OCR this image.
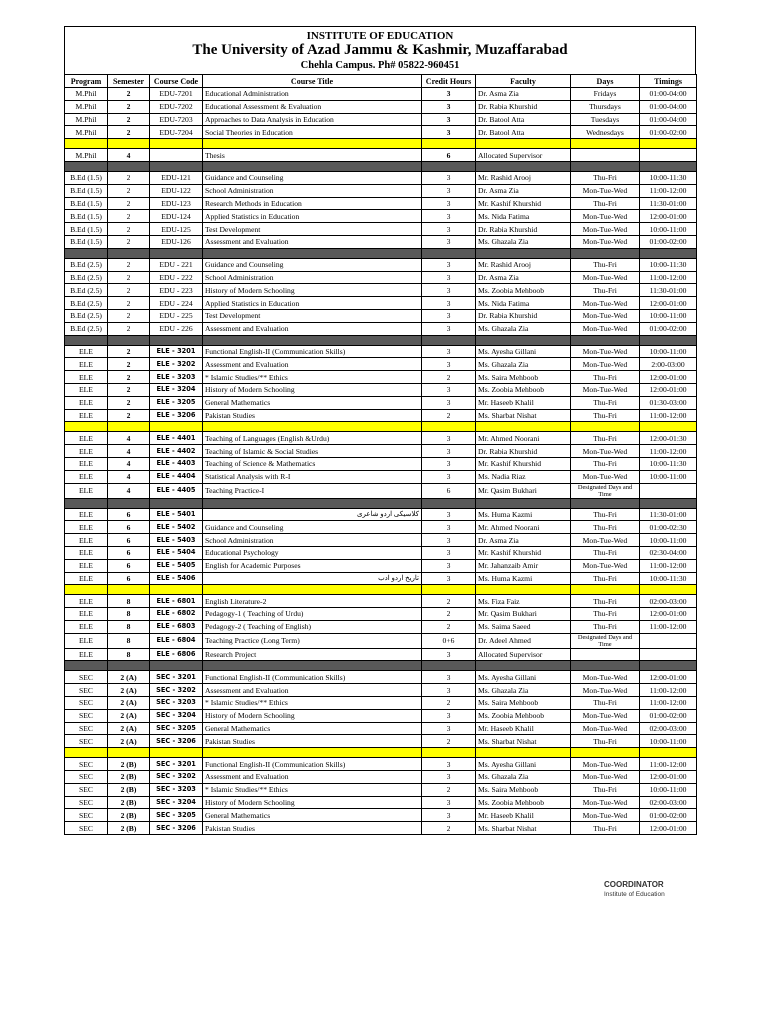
INSTITUTE OF EDUCATION
The University of Azad Jammu & Kashmir, Muzaffarabad
Chehla Campus. Ph# 05822-960451
Program	Semester	Course Code	Course Title	Credit Hours	Faculty	Days	Timings
M.Phil	2	EDU-7201	Educational Administration	3	Dr. Asma Zia	Fridays	01:00-04:00
M.Phil	2	EDU-7202	Educational Assessment & Evaluation	3	Dr. Rabia Khurshid	Thursdays	01:00-04:00
M.Phil	2	EDU-7203	Approaches to Data Analysis in Education	3	Dr. Batool Atta	Tuesdays	01:00-04:00
M.Phil	2	EDU-7204	Social Theories in Education	3	Dr. Batool Atta	Wednesdays	01:00-02:00

M.Phil	4		Thesis	6	Allocated Supervisor		

B.Ed (1.5)	2	EDU-121	Guidance and Counseling	3	Mr. Rashid Arooj	Thu-Fri	10:00-11:30
B.Ed (1.5)	2	EDU-122	School Administration	3	Dr. Asma Zia	Mon-Tue-Wed	11:00-12:00
B.Ed (1.5)	2	EDU-123	Research Methods in Education	3	Mr. Kashif Khurshid	Thu-Fri	11:30-01:00
B.Ed (1.5)	2	EDU-124	Applied Statistics in Education	3	Ms. Nida Fatima	Mon-Tue-Wed	12:00-01:00
B.Ed (1.5)	2	EDU-125	Test Development	3	Dr. Rabia Khurshid	Mon-Tue-Wed	10:00-11:00
B.Ed (1.5)	2	EDU-126	Assessment and Evaluation	3	Ms. Ghazala Zia	Mon-Tue-Wed	01:00-02:00

B.Ed (2.5)	2	EDU - 221	Guidance and Counseling	3	Mr. Rashid Arooj	Thu-Fri	10:00-11:30
B.Ed (2.5)	2	EDU - 222	School Administration	3	Dr. Asma Zia	Mon-Tue-Wed	11:00-12:00
B.Ed (2.5)	2	EDU - 223	History of Modern Schooling	3	Ms. Zoobia Mehboob	Thu-Fri	11:30-01:00
B.Ed (2.5)	2	EDU - 224	Applied Statistics in Education	3	Ms. Nida Fatima	Mon-Tue-Wed	12:00-01:00
B.Ed (2.5)	2	EDU - 225	Test Development	3	Dr. Rabia Khurshid	Mon-Tue-Wed	10:00-11:00
B.Ed (2.5)	2	EDU - 226	Assessment and Evaluation	3	Ms. Ghazala Zia	Mon-Tue-Wed	01:00-02:00

ELE	2	ELE - 3201	Functional English-II (Communication Skills)	3	Ms. Ayesha Gillani	Mon-Tue-Wed	10:00-11:00
ELE	2	ELE - 3202	Assessment and Evaluation	3	Ms. Ghazala Zia	Mon-Tue-Wed	2:00-03:00
ELE	2	ELE - 3203	* Islamic Studies/** Ethics	2	Ms. Saira Mehboob	Thu-Fri	12:00-01:00
ELE	2	ELE - 3204	History of Modern Schooling	3	Ms. Zoobia Mehboob	Mon-Tue-Wed	12:00-01:00
ELE	2	ELE - 3205	General Mathematics	3	Mr. Haseeb Khalil	Thu-Fri	01:30-03:00
ELE	2	ELE - 3206	Pakistan Studies	2	Ms. Sharbat Nishat	Thu-Fri	11:00-12:00

ELE	4	ELE - 4401	Teaching of Languages (English &Urdu)	3	Mr. Ahmed Noorani	Thu-Fri	12:00-01:30
ELE	4	ELE - 4402	Teaching of Islamic & Social Studies	3	Dr. Rabia Khurshid	Mon-Tue-Wed	11:00-12:00
ELE	4	ELE - 4403	Teaching of Science & Mathematics	3	Mr. Kashif Khurshid	Thu-Fri	10:00-11:30
ELE	4	ELE - 4404	Statistical Analysis with R-I	3	Ms. Nadia Riaz	Mon-Tue-Wed	10:00-11:00
ELE	4	ELE - 4405	Teaching Practice-I	6	Mr. Qasim Bukhari	Designated Days and Time	

ELE	6	ELE - 5401	کلاسیکی اردو شاعری	3	Ms. Huma Kazmi	Thu-Fri	11:30-01:00
ELE	6	ELE - 5402	Guidance and Counseling	3	Mr. Ahmed Noorani	Thu-Fri	01:00-02:30
ELE	6	ELE - 5403	School Administration	3	Dr. Asma Zia	Mon-Tue-Wed	10:00-11:00
ELE	6	ELE - 5404	Educational Psychology	3	Mr. Kashif Khurshid	Thu-Fri	02:30-04:00
ELE	6	ELE - 5405	English for Academic Purposes	3	Mr. Jahanzaib Amir	Mon-Tue-Wed	11:00-12:00
ELE	6	ELE - 5406	تاریخ اردو ادب	3	Ms. Huma Kazmi	Thu-Fri	10:00-11:30

ELE	8	ELE - 6801	English Literature-2	2	Ms. Fiza Faiz	Thu-Fri	02:00-03:00
ELE	8	ELE - 6802	Pedagogy-1 ( Teaching of Urdu)	2	Mr. Qasim Bukhari	Thu-Fri	12:00-01:00
ELE	8	ELE - 6803	Pedagogy-2 ( Teaching of English)	2	Ms. Saima Saeed	Thu-Fri	11:00-12:00
ELE	8	ELE - 6804	Teaching Practice (Long Term)	0+6	Dr. Adeel Ahmed	Designated Days and Time	
ELE	8	ELE - 6806	Research Project	3	Allocated Supervisor		

SEC	2 (A)	SEC - 3201	Functional English-II (Communication Skills)	3	Ms. Ayesha Gillani	Mon-Tue-Wed	12:00-01:00
SEC	2 (A)	SEC - 3202	Assessment and Evaluation	3	Ms. Ghazala Zia	Mon-Tue-Wed	11:00-12:00
SEC	2 (A)	SEC - 3203	* Islamic Studies/** Ethics	2	Ms. Saira Mehboob	Thu-Fri	11:00-12:00
SEC	2 (A)	SEC - 3204	History of Modern Schooling	3	Ms. Zoobia Mehboob	Mon-Tue-Wed	01:00-02:00
SEC	2 (A)	SEC - 3205	General Mathematics	3	Mr. Haseeb Khalil	Mon-Tue-Wed	02:00-03:00
SEC	2 (A)	SEC - 3206	Pakistan Studies	2	Ms. Sharbat Nishat	Thu-Fri	10:00-11:00

SEC	2 (B)	SEC - 3201	Functional English-II (Communication Skills)	3	Ms. Ayesha Gillani	Mon-Tue-Wed	11:00-12:00
SEC	2 (B)	SEC - 3202	Assessment and Evaluation	3	Ms. Ghazala Zia	Mon-Tue-Wed	12:00-01:00
SEC	2 (B)	SEC - 3203	* Islamic Studies/** Ethics	2	Ms. Saira Mehboob	Thu-Fri	10:00-11:00
SEC	2 (B)	SEC - 3204	History of Modern Schooling	3	Ms. Zoobia Mehboob	Mon-Tue-Wed	02:00-03:00
SEC	2 (B)	SEC - 3205	General Mathematics	3	Mr. Haseeb Khalil	Mon-Tue-Wed	01:00-02:00
SEC	2 (B)	SEC - 3206	Pakistan Studies	2	Ms. Sharbat Nishat	Thu-Fri	12:00-01:00
COORDINATOR
Institute of Education
